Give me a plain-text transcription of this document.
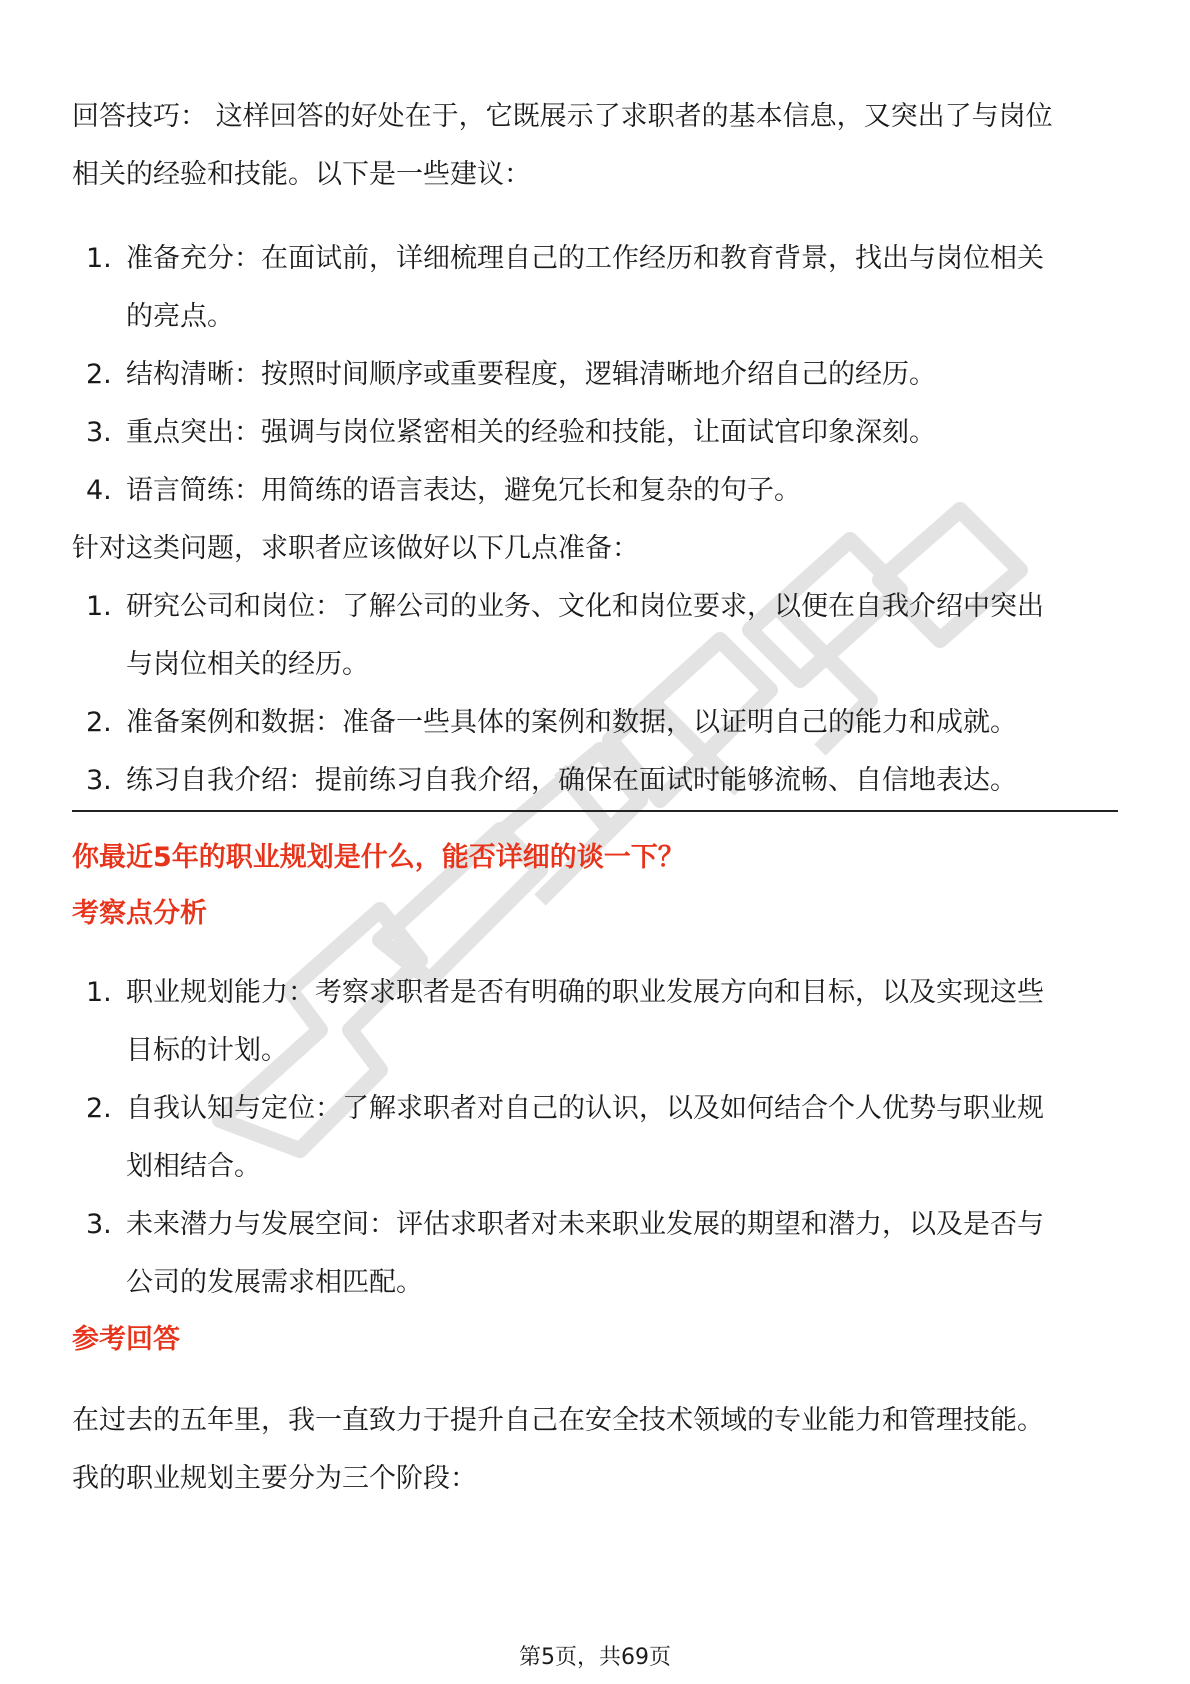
回答技巧： 这样回答的好处在于，它既展示了求职者的基本信息，又突出了与岗位

相关的经验和技能。以下是一些建议：

1. 准备充分：在面试前，详细梳理自己的工作经历和教育背景，找出与岗位相关
的亮点。
2. 结构清晰：按照时间顺序或重要程度，逻辑清晰地介绍自己的经历。
3. 重点突出：强调与岗位紧密相关的经验和技能，让面试官印象深刻。
4. 语言简练：用简练的语言表达，避免冗长和复杂的句子。

针对这类问题，求职者应该做好以下几点准备：

1. 研究公司和岗位：了解公司的业务、文化和岗位要求，以便在自我介绍中突出
与岗位相关的经历。
2. 准备案例和数据：准备一些具体的案例和数据，以证明自己的能力和成就。
3. 练习自我介绍：提前练习自我介绍，确保在面试时能够流畅、自信地表达。

你最近5年的职业规划是什么，能否详细的谈一下？

考察点分析

1. 职业规划能力：考察求职者是否有明确的职业发展方向和目标，以及实现这些
目标的计划。
2. 自我认知与定位：了解求职者对自己的认识，以及如何结合个人优势与职业规
划相结合。
3. 未来潜力与发展空间：评估求职者对未来职业发展的期望和潜力，以及是否与
公司的发展需求相匹配。

参考回答

在过去的五年里，我一直致力于提升自己在安全技术领域的专业能力和管理技能。

我的职业规划主要分为三个阶段：

第5页，共69页
